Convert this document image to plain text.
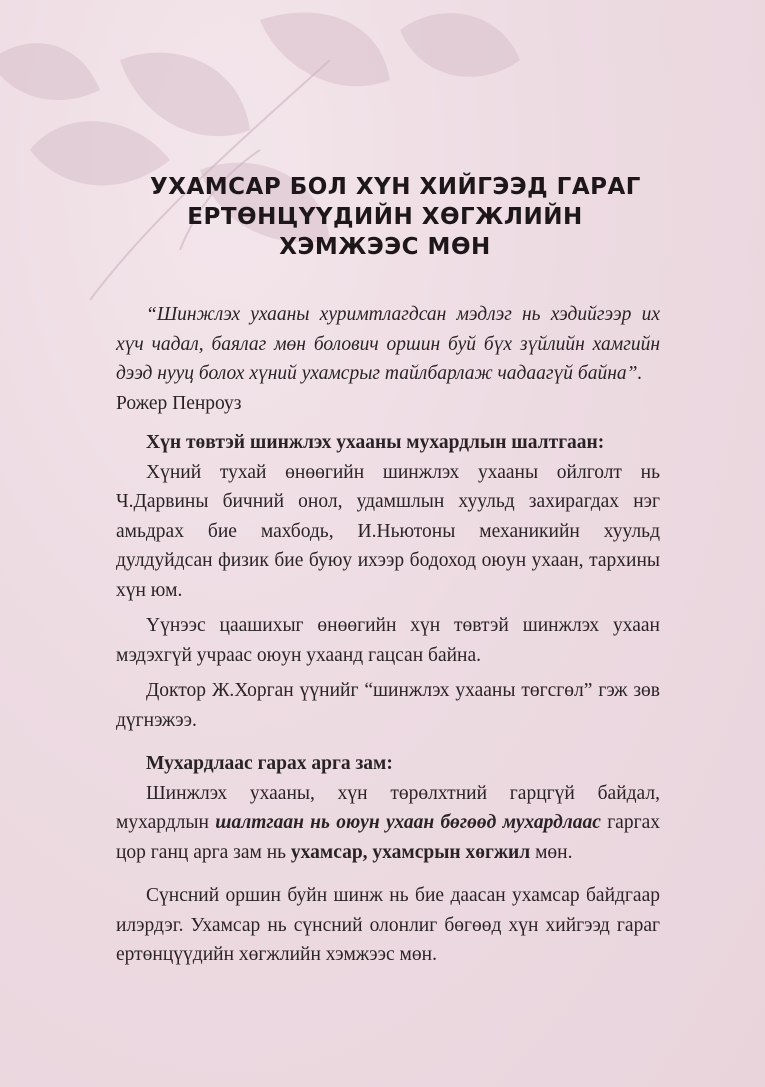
УХАМСАР БОЛ ХҮН ХИЙГЭЭД ГАРАГ
ЕРТӨНЦҮҮДИЙН ХӨГЖЛИЙН
ХЭМЖЭЭС МӨН

“Шинжлэх ухааны хуримтлагдсан мэдлэг нь хэдийгээр их хүч чадал, баялаг мөн болович оршин буй бүх зүйлийн хамгийн дээд нууц болох хүний ухамсрыг тайлбарлаж чадаагүй байна”.

Рожер Пенроуз

Хүн төвтэй шинжлэх ухааны мухардлын шалтгаан:

Хүний тухай өнөөгийн шинжлэх ухааны ойлголт нь Ч.Дарвины бичний онол, удамшлын хуульд захирагдах нэг амьдрах бие махбодь, И.Ньютоны механикийн хуульд дулдуйдсан физик бие буюу ихээр бодоход оюун ухаан, тархины хүн юм.

Үүнээс цаашихыг өнөөгийн хүн төвтэй шинжлэх ухаан мэдэхгүй учраас оюун ухаанд гацсан байна.

Доктор Ж.Хорган үүнийг “шинжлэх ухааны төгсгөл” гэж зөв дүгнэжээ.

Мухардлаас гарах арга зам:

Шинжлэх ухааны, хүн төрөлхтний гарцгүй байдал, мухардлын шалтгаан нь оюун ухаан бөгөөд мухардлаас гаргах цор ганц арга зам нь ухамсар, ухамсрын хөгжил мөн.

Сүнсний оршин буйн шинж нь бие даасан ухамсар байдгаар илэрдэг. Ухамсар нь сүнсний олонлиг бөгөөд хүн хийгээд гараг ертөнцүүдийн хөгжлийн хэмжээс мөн.
